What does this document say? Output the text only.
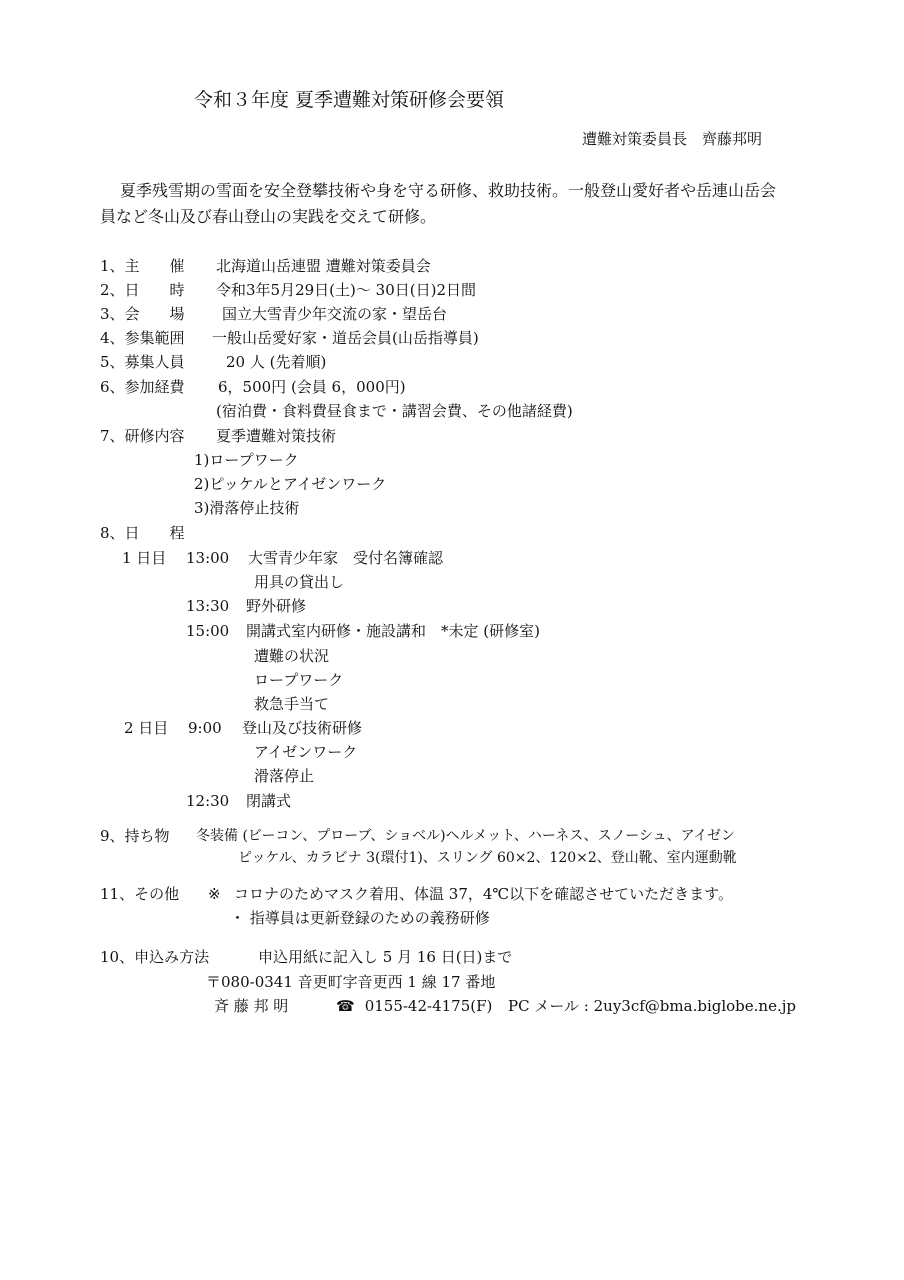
令和３年度 夏季遭難対策研修会要領
遭難対策委員長　齊藤邦明
夏季残雪期の雪面を安全登攀技術や身を守る研修、救助技術。一般登山愛好者や岳連山岳会
員など冬山及び春山登山の実践を交えて研修。
1、主　　催 北海道山岳連盟 遭難対策委員会
2、日　　時 令和3年5月29日(土)～ 30日(日)2日間
3、会　　場 国立大雪青少年交流の家・望岳台
4、参集範囲 一般山岳愛好家・道岳会員(山岳指導員)
5、募集人員	20 人 (先着順)
6、参加経費 6，500円 (会員 6，000円)
(宿泊費・食料費昼食まで・講習会費、その他諸経費)
7、研修内容 夏季遭難対策技術
1)ロープワーク
2)ピッケルとアイゼンワーク
3)滑落停止技術
8、日　　程
1 日目 13:00 大雪青少年家　受付名簿確認
用具の貸出し
13:30 野外研修
15:00 開講式室内研修・施設講和　*未定 (研修室)
遭難の状況
ロープワーク
救急手当て
2 日目 9:00 登山及び技術研修
アイゼンワーク
滑落停止
12:30 閉講式
9、持ち物 冬装備 (ビーコン、プローブ、ショベル)ヘルメット、ハーネス、スノーシュ、アイゼン
ピッケル、カラビナ 3(環付1)、スリング 60×2、120×2、登山靴、室内運動靴
11、その他 ※ コロナのためマスク着用、体温 37，4℃以下を確認させていただきます。
・ 指導員は更新登録のための義務研修
10、申込み方法	申込用紙に記入し 5 月 16 日(日)まで
〒080-0341 音更町字音更西 1 線 17 番地
斉 藤 邦 明	☎ 0155-42-4175(F) PC メール : 2uy3cf@bma.biglobe.ne.jp
